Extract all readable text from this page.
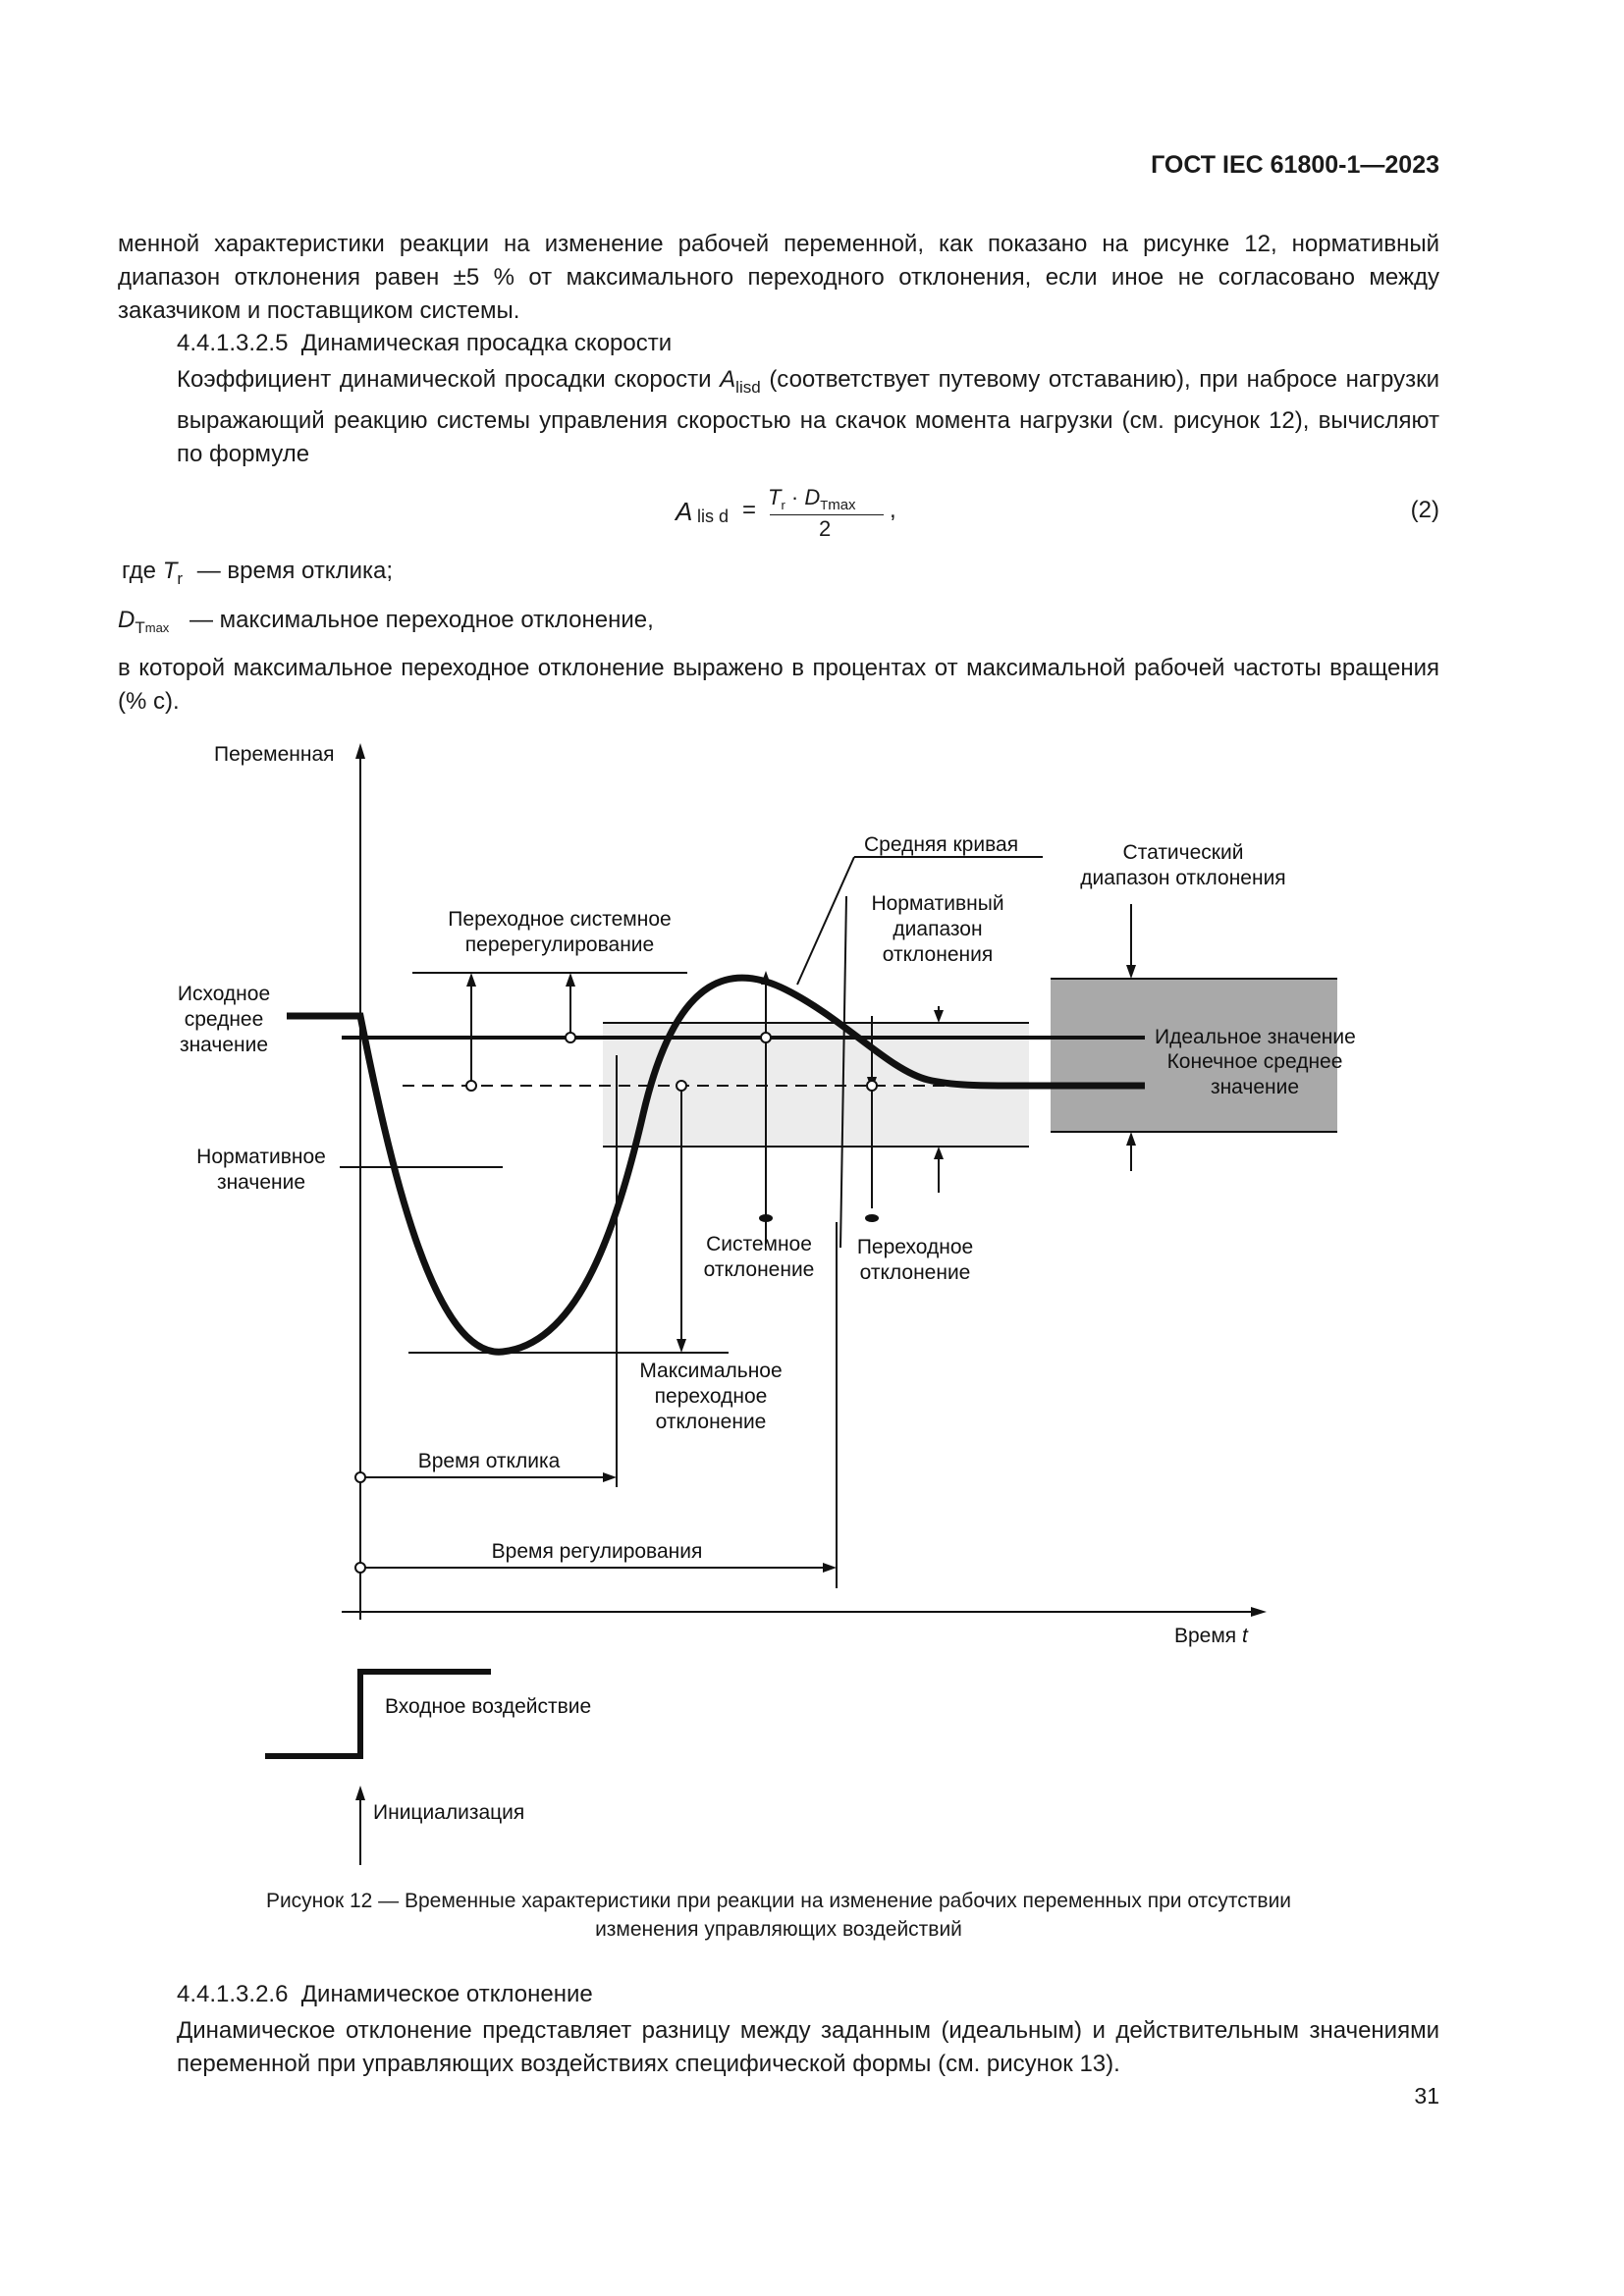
ГОСТ IEC 61800-1—2023

менной характеристики реакции на изменение рабочей переменной, как показано на рисунке 12, нормативный диапазон отклонения равен ±5 % от максимального переходного отклонения, если иное не согласовано между заказчиком и поставщиком системы.

4.4.1.3.2.5 Динамическая просадка скорости

Коэффициент динамической просадки скорости $A_{lisd}$ (соответствует путевому отставанию), при набросе нагрузки выражающий реакцию системы управления скоростью на скачок момента нагрузки (см. рисунок 12), вычисляют по формуле

A lis $d = T_r \cdot D_{Tmax}$
2
,	(2)
где $T_r$ — время отклика;
$D_{Tmax}$ — максимальное переходное отклонение,

в которой максимальное переходное отклонение выражено в процентах от максимальной рабочей частоты вращения (% с).

Переменная
Время t
Средняя кривая	Статический
диапазон отклонения
Нормативный
диапазон
отклонения
Переходное системное
перерегулирование
Исходное
среднее
значение	Идеальное значение
Конечное среднее
значение
Нормативное
значение
Системное
отклонение
Переходное
отклонение
Максимальное
переходное
отклонение
Время отклика
Время регулирования
Входное воздействие
Инициализация
Рисунок 12 — Временные характеристики при реакции на изменение рабочих переменных при отсутствии
изменения управляющих воздействий
4.4.1.3.2.6 Динамическое отклонение

Динамическое отклонение представляет разницу между заданным (идеальным) и действительным значениями переменной при управляющих воздействиях специфической формы (см. рисунок 13).

31
